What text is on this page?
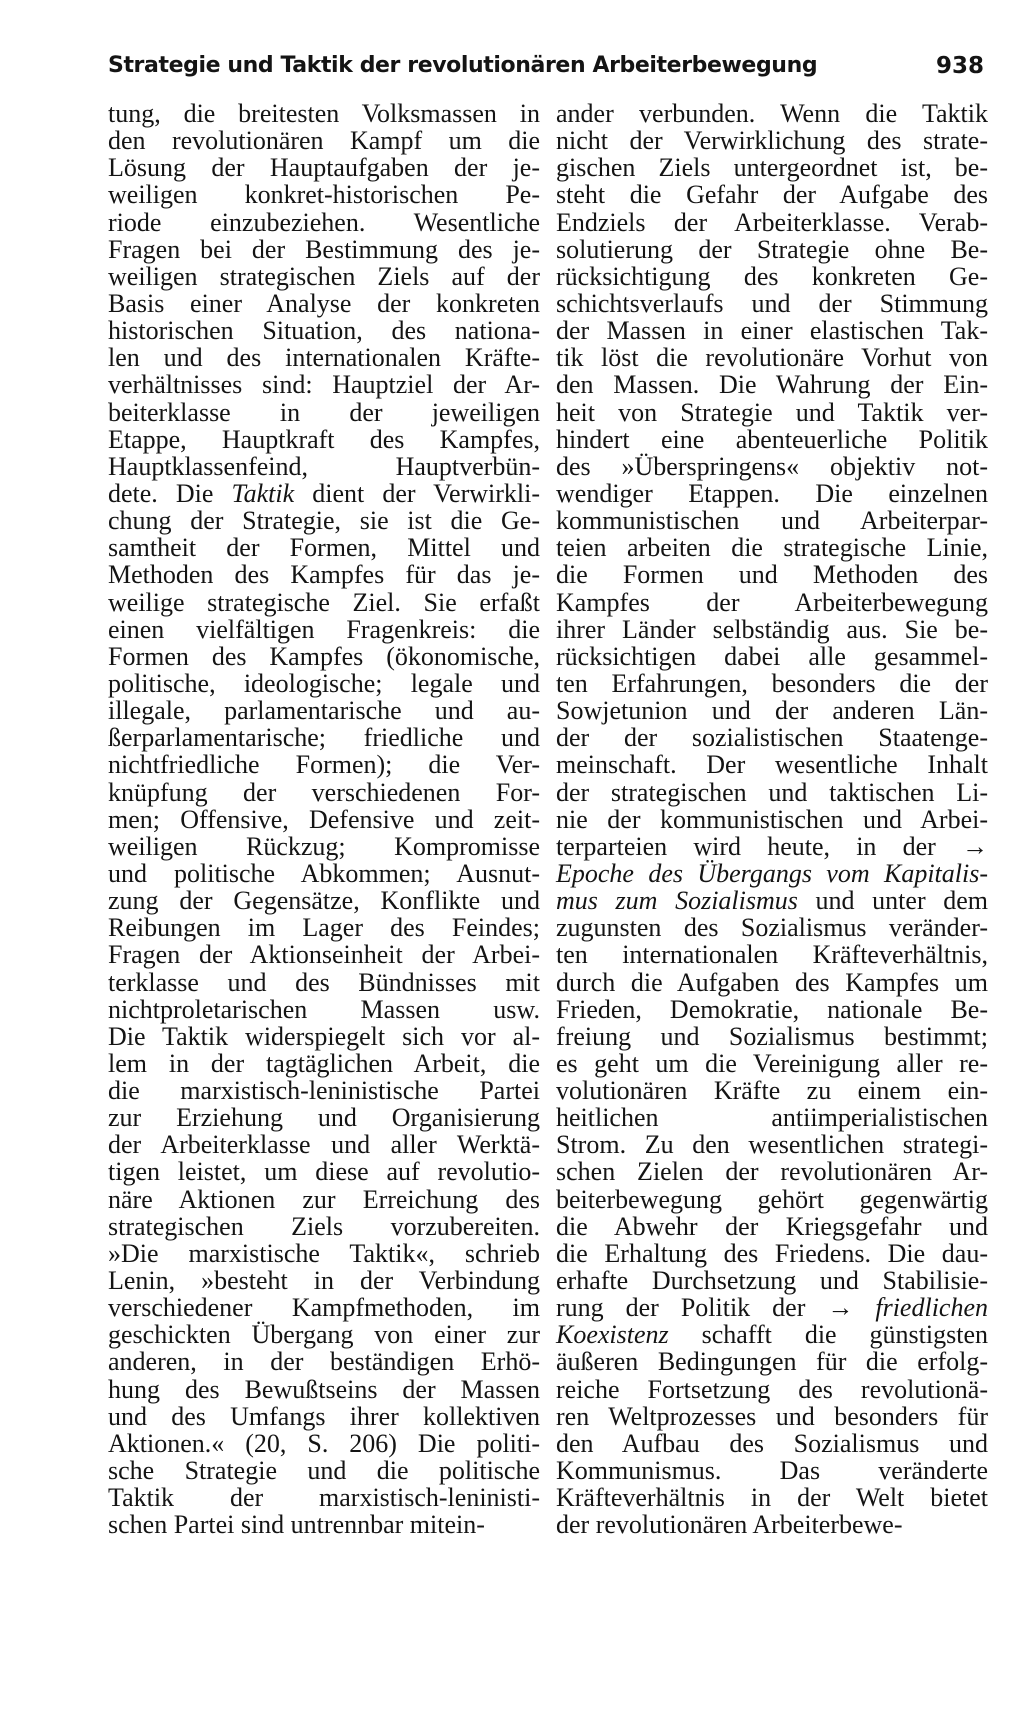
Strategie und Taktik der revolutionären Arbeiterbewegung	938
tung, die breitesten Volksmassen in
den revolutionären Kampf um die
Lösung der Hauptaufgaben der je-
weiligen konkret-historischen Pe-
riode einzubeziehen. Wesentliche
Fragen bei der Bestimmung des je-
weiligen strategischen Ziels auf der
Basis einer Analyse der konkreten
historischen Situation, des nationa-
len und des internationalen Kräfte-
verhältnisses sind: Hauptziel der Ar-
beiterklasse in der jeweiligen
Etappe, Hauptkraft des Kampfes,
Hauptklassenfeind, Hauptverbün-
dete. Die Taktik dient der Verwirkli-
chung der Strategie, sie ist die Ge-
samtheit der Formen, Mittel und
Methoden des Kampfes für das je-
weilige strategische Ziel. Sie erfaßt
einen vielfältigen Fragenkreis: die
Formen des Kampfes (ökonomische,
politische, ideologische; legale und
illegale, parlamentarische und au-
ßerparlamentarische; friedliche und
nichtfriedliche Formen); die Ver-
knüpfung der verschiedenen For-
men; Offensive, Defensive und zeit-
weiligen Rückzug; Kompromisse
und politische Abkommen; Ausnut-
zung der Gegensätze, Konflikte und
Reibungen im Lager des Feindes;
Fragen der Aktionseinheit der Arbei-
terklasse und des Bündnisses mit
nichtproletarischen Massen usw.
Die Taktik widerspiegelt sich vor al-
lem in der tagtäglichen Arbeit, die
die marxistisch-leninistische Partei
zur Erziehung und Organisierung
der Arbeiterklasse und aller Werktä-
tigen leistet, um diese auf revolutio-
näre Aktionen zur Erreichung des
strategischen Ziels vorzubereiten.
»Die marxistische Taktik«, schrieb
Lenin, »besteht in der Verbindung
verschiedener Kampfmethoden, im
geschickten Übergang von einer zur
anderen, in der beständigen Erhö-
hung des Bewußtseins der Massen
und des Umfangs ihrer kollektiven
Aktionen.« (20, S. 206) Die politi-
sche Strategie und die politische
Taktik der marxistisch-leninisti-
schen Partei sind untrennbar mitein-
ander verbunden. Wenn die Taktik
nicht der Verwirklichung des strate-
gischen Ziels untergeordnet ist, be-
steht die Gefahr der Aufgabe des
Endziels der Arbeiterklasse. Verab-
solutierung der Strategie ohne Be-
rücksichtigung des konkreten Ge-
schichtsverlaufs und der Stimmung
der Massen in einer elastischen Tak-
tik löst die revolutionäre Vorhut von
den Massen. Die Wahrung der Ein-
heit von Strategie und Taktik ver-
hindert eine abenteuerliche Politik
des »Überspringens« objektiv not-
wendiger Etappen. Die einzelnen
kommunistischen und Arbeiterpar-
teien arbeiten die strategische Linie,
die Formen und Methoden des
Kampfes der Arbeiterbewegung
ihrer Länder selbständig aus. Sie be-
rücksichtigen dabei alle gesammel-
ten Erfahrungen, besonders die der
Sowjetunion und der anderen Län-
der der sozialistischen Staatenge-
meinschaft. Der wesentliche Inhalt
der strategischen und taktischen Li-
nie der kommunistischen und Arbei-
terparteien wird heute, in der →
Epoche des Übergangs vom Kapitalis-
mus zum Sozialismus und unter dem
zugunsten des Sozialismus veränder-
ten internationalen Kräfteverhältnis,
durch die Aufgaben des Kampfes um
Frieden, Demokratie, nationale Be-
freiung und Sozialismus bestimmt;
es geht um die Vereinigung aller re-
volutionären Kräfte zu einem ein-
heitlichen antiimperialistischen
Strom. Zu den wesentlichen strategi-
schen Zielen der revolutionären Ar-
beiterbewegung gehört gegenwärtig
die Abwehr der Kriegsgefahr und
die Erhaltung des Friedens. Die dau-
erhafte Durchsetzung und Stabilisie-
rung der Politik der → friedlichen
Koexistenz schafft die günstigsten
äußeren Bedingungen für die erfolg-
reiche Fortsetzung des revolutionä-
ren Weltprozesses und besonders für
den Aufbau des Sozialismus und
Kommunismus. Das veränderte
Kräfteverhältnis in der Welt bietet
der revolutionären Arbeiterbewe-
